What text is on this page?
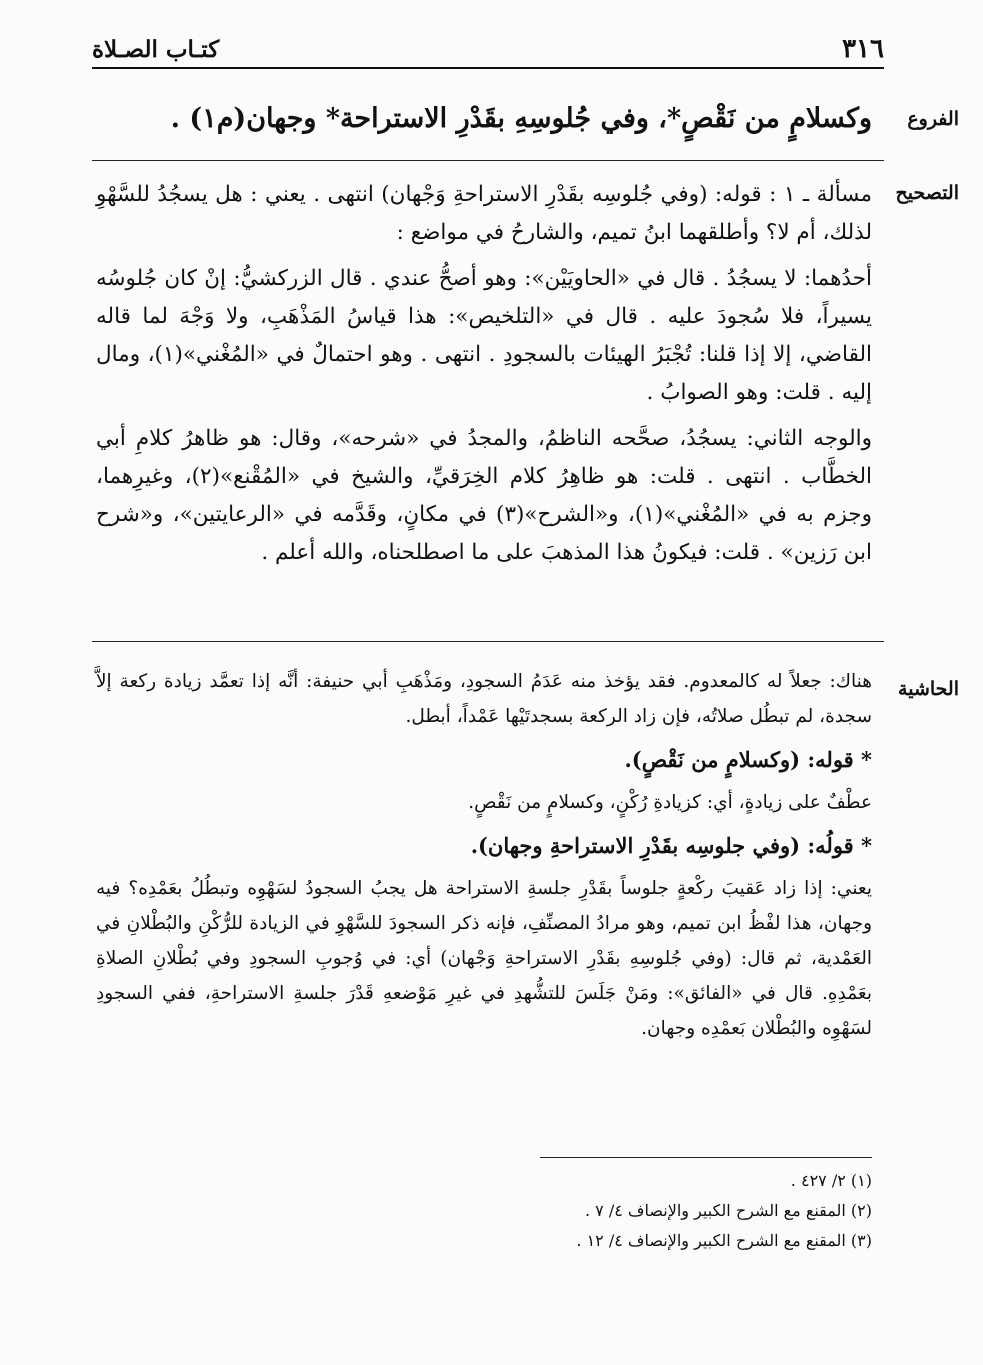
٣١٦
كتـاب الصـلاة
الفروع
وكسلامٍ من نَقْصٍ*، وفي جُلوسِهِ بقَدْرِ الاستراحة* وجهان(م١) .
التصحيح

مسألة ـ ١ : قوله: (وفي جُلوسِه بقَدْرِ الاستراحةِ وَجْهان) انتهى . يعني : هل يسجُدُ للسَّهْوِ لذلك، أم لا؟ وأطلقهما ابنُ تميم، والشارحُ في مواضع :

أحدُهما: لا يسجُدُ . قال في «الحاويَيْن»: وهو أصحُّ عندي . قال الزركشيُّ: إنْ كان جُلوسُه يسيراً، فلا سُجودَ عليه . قال في «التلخيص»: هذا قياسُ المَذْهَبِ، ولا وَجْهَ لما قاله القاضي، إلا إذا قلنا: تُجْبَرُ الهيئات بالسجودِ . انتهى . وهو احتمالٌ في «المُغْني»(١)، ومال إليه . قلت: وهو الصوابُ .

والوجه الثاني: يسجُدُ، صحَّحه الناظمُ، والمجدُ في «شرحه»، وقال: هو ظاهرُ كلامِ أبي الخطَّاب . انتهى . قلت: هو ظاهِرُ كلام الخِرَقيِّ، والشيخ في «المُقْنع»(٢)، وغيرِهما، وجزم به في «المُغْني»(١)، و«الشرح»(٣) في مكانٍ، وقَدَّمه في «الرعايتين»، و«شرح ابن رَزين» . قلت: فيكونُ هذا المذهبَ على ما اصطلحناه، والله أعلم .

الحاشية

هناك: جعلاً له كالمعدوم. فقد يؤخذ منه عَدَمُ السجودِ، ومَذْهَبِ أبي حنيفة: أنَّه إذا تعمَّد زيادة ركعة إلاَّ سجدة، لم تبطُل صلاتُه، فإن زاد الركعة بسجدتَيْها عَمْداً، أبطل.

* قوله: (وكسلامٍ من نَقْصٍ).

عطْفٌ على زيادةٍ، أي: كزيادةِ رُكْنٍ، وكسلامٍ من نَقْصٍ.

* قولُه: (وفي جلوسِه بقَدْرِ الاستراحةِ وجهان).

يعني: إذا زاد عَقيبَ ركْعةٍ جلوساً بقَدْرِ جلسةِ الاستراحة هل يجبُ السجودُ لسَهْوِه وتبطُلُ بعَمْدِه؟ فيه وجهان، هذا لفْظُ ابن تميم، وهو مرادُ المصنِّفِ، فإنه ذكر السجودَ للسَّهْوِ في الزيادة للرُّكْنِ والبُطْلانِ في العَمْدية، ثم قال: (وفي جُلوسِهِ بقَدْرِ الاستراحةِ وَجْهان) أي: في وُجوبِ السجودِ وفي بُطْلانِ الصلاةِ بعَمْدِهِ. قال في «الفائق»: ومَنْ جَلَسَ للتشُّهدِ في غيرِ مَوْضعهِ قَدْرَ جلسةِ الاستراحةِ، ففي السجودِ لسَهْوِه والبُطْلان بَعمْدِه وجهان.

(١) ٢/ ٤٢٧ .
(٢) المقنع مع الشرح الكبير والإنصاف ٤/ ٧ .
(٣) المقنع مع الشرح الكبير والإنصاف ٤/ ١٢ .
